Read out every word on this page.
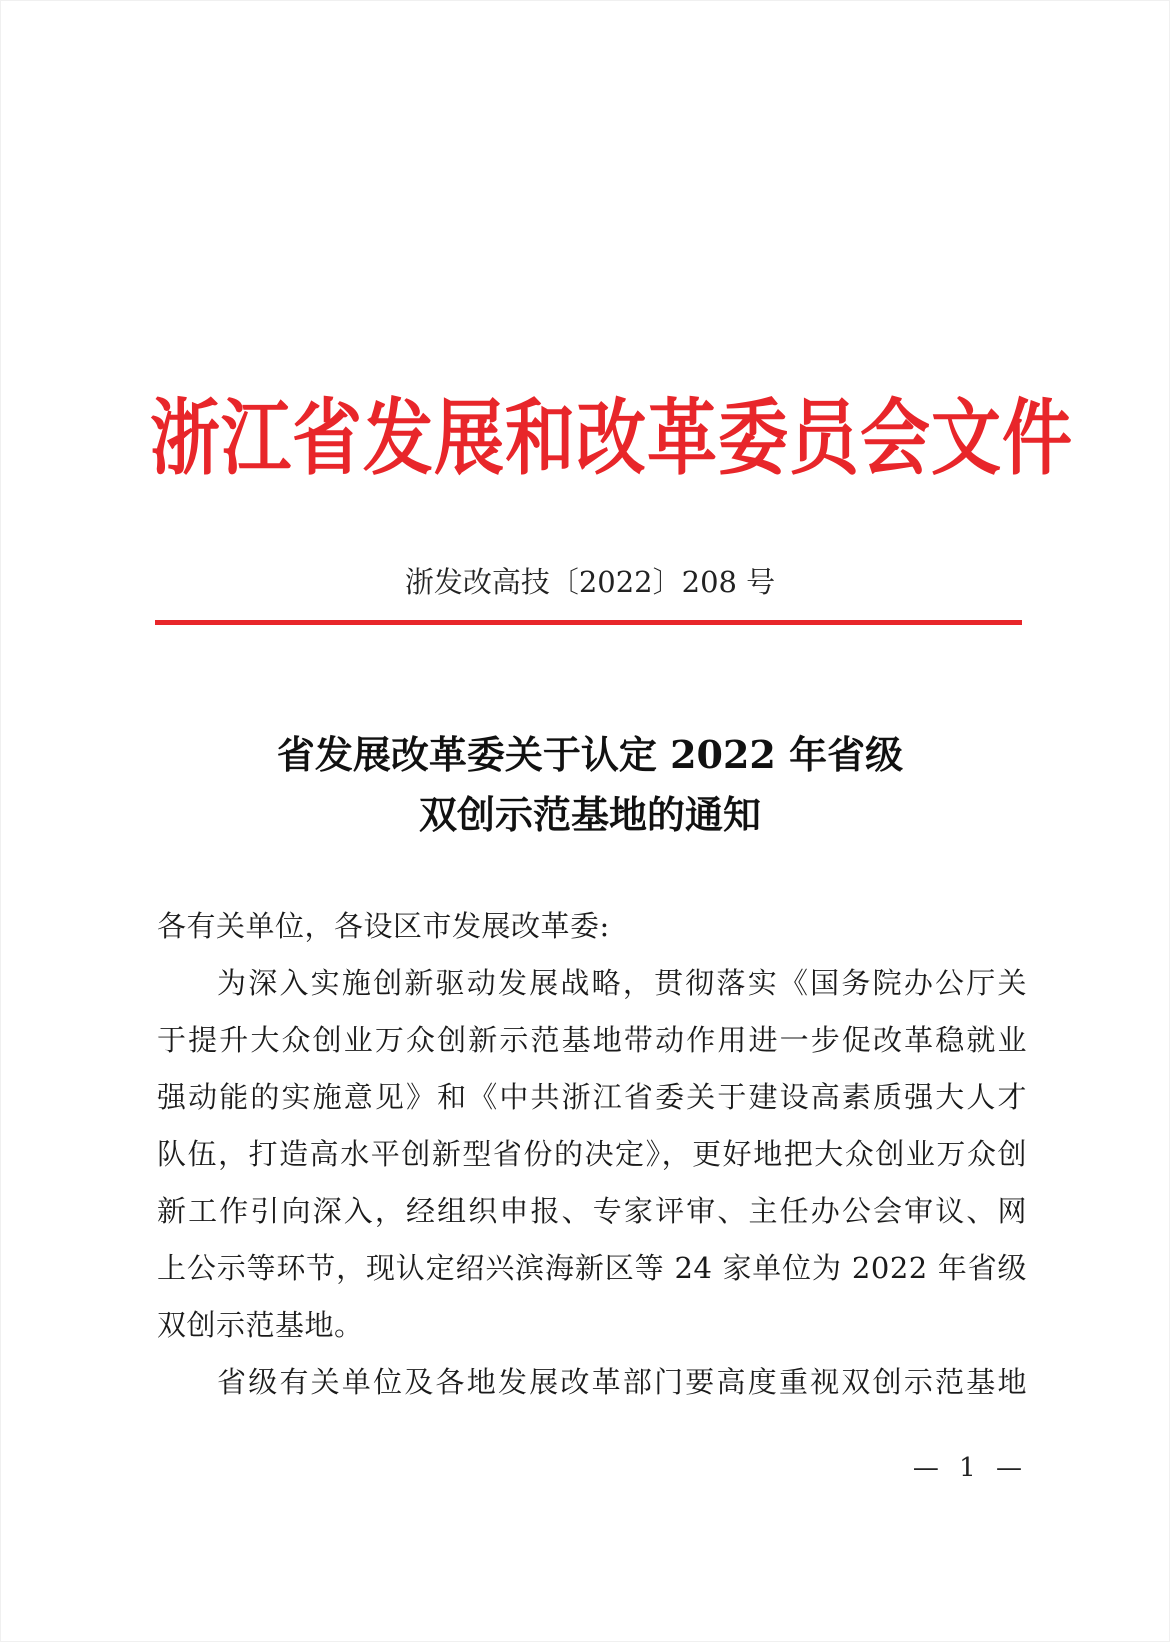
浙江省发展和改革委员会文件
浙发改高技〔2022〕208 号
省发展改革委关于认定 2022 年省级
双创示范基地的通知
各有关单位，各设区市发展改革委:
为深入实施创新驱动发展战略，贯彻落实《国务院办公厅关
于提升大众创业万众创新示范基地带动作用进一步促改革稳就业
强动能的实施意见》和《中共浙江省委关于建设高素质强大人才
队伍，打造高水平创新型省份的决定》，更好地把大众创业万众创
新工作引向深入，经组织申报、专家评审、主任办公会审议、网
上公示等环节，现认定绍兴滨海新区等 24 家单位为 2022 年省级
双创示范基地。
省级有关单位及各地发展改革部门要高度重视双创示范基地
— 1 —
